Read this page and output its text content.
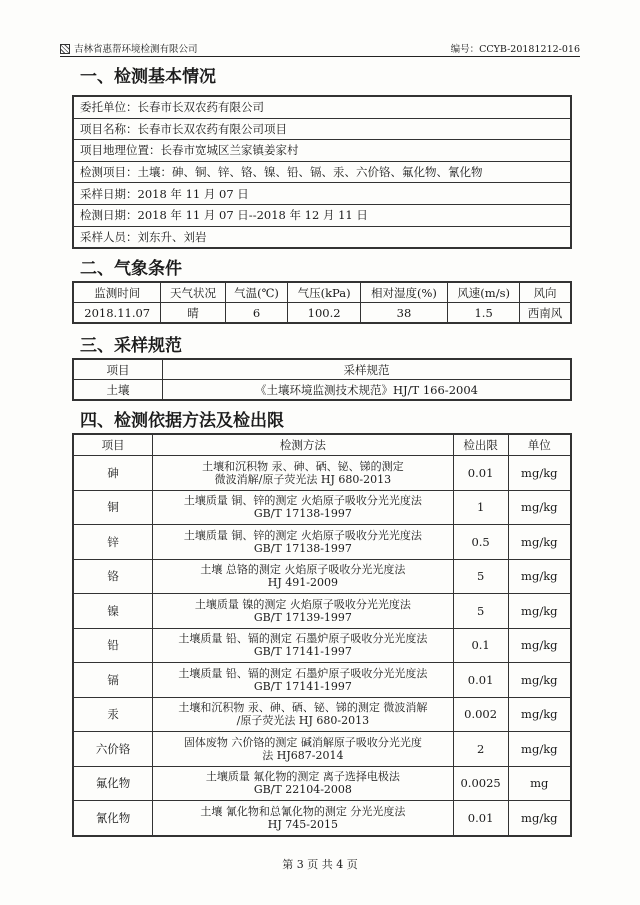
吉林省惠帮环境检测有限公司	编号：CCYB-20181212-016
一、检测基本情况
委托单位：长春市长双农药有限公司
项目名称：长春市长双农药有限公司项目
项目地理位置：长春市宽城区兰家镇姜家村
检测项目：土壤：砷、铜、锌、铬、镍、铅、镉、汞、六价铬、氟化物、氰化物
采样日期：2018 年 11 月 07 日
检测日期：2018 年 11 月 07 日--2018 年 12 月 11 日
采样人员：刘东升、刘岩
二、气象条件
监测时间	天气状况	气温(℃)	气压(kPa)	相对湿度(%)	风速(m/s)	风向
2018.11.07	晴	6	100.2	38	1.5	西南风
三、采样规范
项目	采样规范
土壤	《土壤环境监测技术规范》HJ/T 166-2004
四、检测依据方法及检出限
项目	检测方法	检出限	单位
砷	土壤和沉积物 汞、砷、硒、铋、锑的测定
微波消解/原子荧光法 HJ 680-2013	0.01	mg/kg
铜	土壤质量 铜、锌的测定 火焰原子吸收分光光度法
GB/T 17138-1997	1	mg/kg
锌	土壤质量 铜、锌的测定 火焰原子吸收分光光度法
GB/T 17138-1997	0.5	mg/kg
铬	土壤 总铬的测定 火焰原子吸收分光光度法
HJ 491-2009	5	mg/kg
镍	土壤质量 镍的测定 火焰原子吸收分光光度法
GB/T 17139-1997	5	mg/kg
铅	土壤质量 铅、镉的测定 石墨炉原子吸收分光光度法
GB/T 17141-1997	0.1	mg/kg
镉	土壤质量 铅、镉的测定 石墨炉原子吸收分光光度法
GB/T 17141-1997	0.01	mg/kg
汞	土壤和沉积物 汞、砷、硒、铋、锑的测定 微波消解
/原子荧光法 HJ 680-2013	0.002	mg/kg
六价铬	固体废物 六价铬的测定 碱消解原子吸收分光光度
法 HJ687-2014	2	mg/kg
氟化物	土壤质量 氟化物的测定 离子选择电极法
GB/T 22104-2008	0.0025	mg
氰化物	土壤 氰化物和总氰化物的测定 分光光度法
HJ 745-2015	0.01	mg/kg

第 3 页 共 4 页
